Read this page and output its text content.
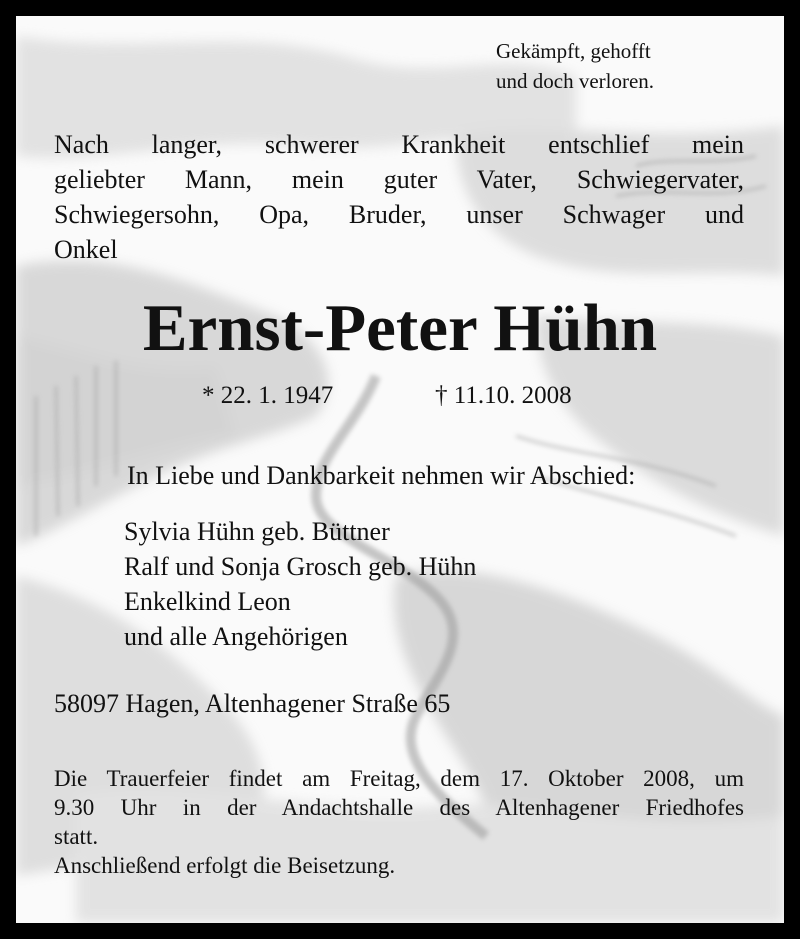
Gekämpft, gehofft
und doch verloren.
Nach langer, schwerer Krankheit entschlief mein
geliebter Mann, mein guter Vater, Schwiegervater,
Schwiegersohn, Opa, Bruder, unser Schwager und
Onkel
Ernst-Peter Hühn
* 22. 1. 1947	† 11.10. 2008
In Liebe und Dankbarkeit nehmen wir Abschied:
Sylvia Hühn geb. Büttner
Ralf und Sonja Grosch geb. Hühn
Enkelkind Leon
und alle Angehörigen
58097 Hagen, Altenhagener Straße 65
Die Trauerfeier findet am Freitag, dem 17. Oktober 2008, um
9.30 Uhr in der Andachtshalle des Altenhagener Friedhofes
statt.
Anschließend erfolgt die Beisetzung.
